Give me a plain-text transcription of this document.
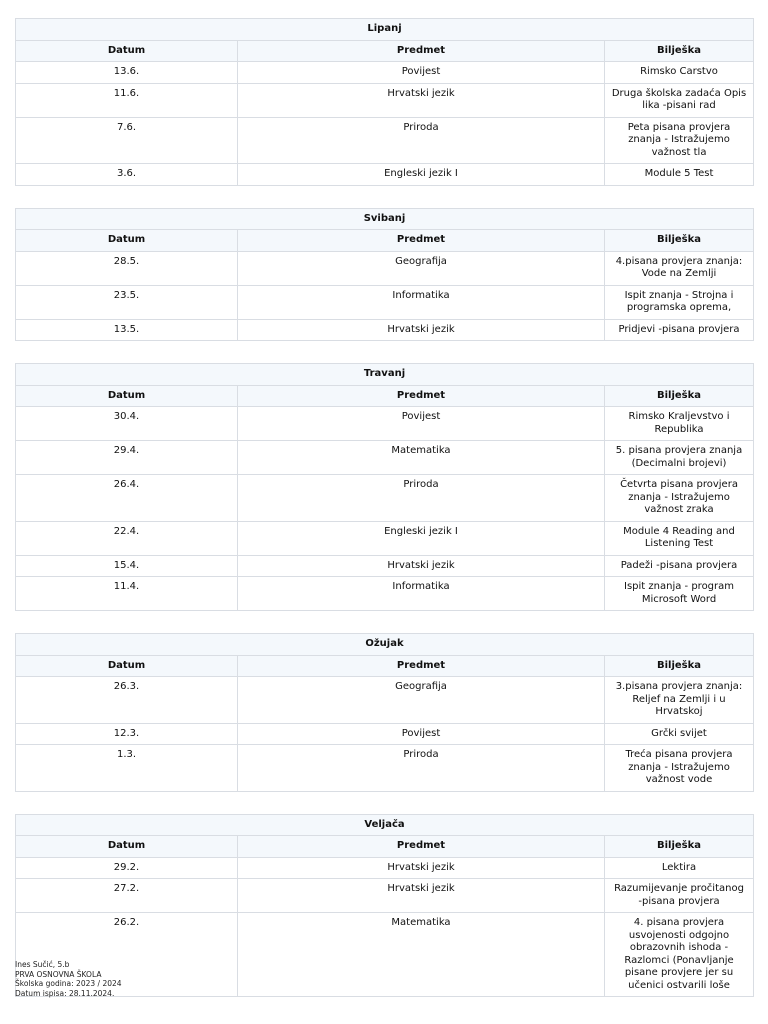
Lipanj		
Datum	Predmet	Bilješka
13.6.	Povijest	Rimsko Carstvo
11.6.	Hrvatski jezik	Druga školska zadaća Opis lika -pisani rad
7.6.	Priroda	Peta pisana provjera znanja - Istražujemo važnost tla
3.6.	Engleski jezik I	Module 5 Test
Svibanj		
Datum	Predmet	Bilješka
28.5.	Geografija	4.pisana provjera znanja: Vode na Zemlji
23.5.	Informatika	Ispit znanja - Strojna i programska oprema,
13.5.	Hrvatski jezik	Pridjevi -pisana provjera
Travanj		
Datum	Predmet	Bilješka
30.4.	Povijest	Rimsko Kraljevstvo i Republika
29.4.	Matematika	5. pisana provjera znanja (Decimalni brojevi)
26.4.	Priroda	Četvrta pisana provjera znanja - Istražujemo važnost zraka
22.4.	Engleski jezik I	Module 4 Reading and Listening Test
15.4.	Hrvatski jezik	Padeži -pisana provjera
11.4.	Informatika	Ispit znanja - program Microsoft Word
Ožujak		
Datum	Predmet	Bilješka
26.3.	Geografija	3.pisana provjera znanja: Reljef na Zemlji i u Hrvatskoj
12.3.	Povijest	Grčki svijet
1.3.	Priroda	Treća pisana provjera znanja - Istražujemo važnost vode
Veljača		
Datum	Predmet	Bilješka
29.2.	Hrvatski jezik	Lektira
27.2.	Hrvatski jezik	Razumijevanje pročitanog -pisana provjera
26.2.	Matematika	4. pisana provjera usvojenosti odgojno obrazovnih ishoda - Razlomci (Ponavljanje pisane provjere jer su učenici ostvarili loše
Ines Sučić, 5.b
PRVA OSNOVNA ŠKOLA
Školska godina: 2023 / 2024
Datum ispisa: 28.11.2024.
